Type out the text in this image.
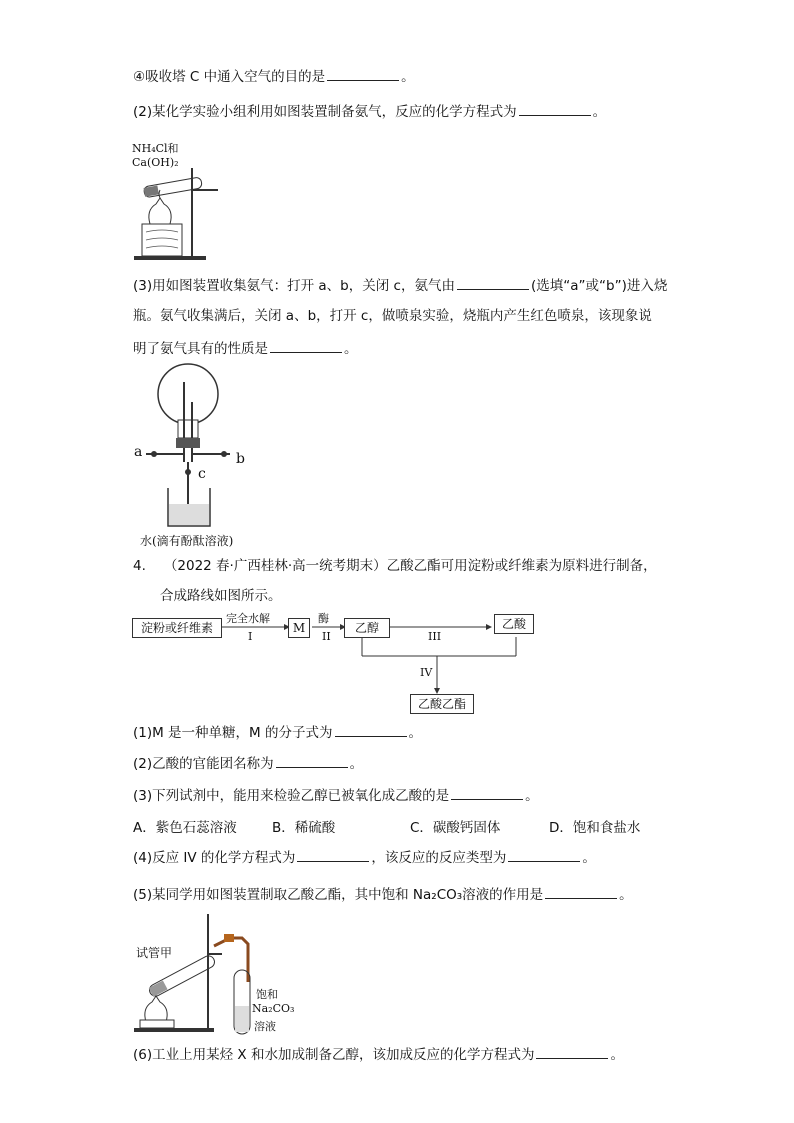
④吸收塔 C 中通入空气的目的是	。
(2)某化学实验小组利用如图装置制备氨气，反应的化学方程式为	。
NH₄Cl和
Ca(OH)₂
(3)用如图装置收集氨气：打开 a、b，关闭 c，氨气由	(选填“a”或“b”)进入烧
瓶。氨气收集满后，关闭 a、b，打开 c，做喷泉实验，烧瓶内产生红色喷泉，该现象说
明了氨气具有的性质是	。
a	b
c
水(滴有酚酞溶液)
4. （2022 春·广西桂林·高一统考期末）乙酸乙酯可用淀粉或纤维素为原料进行制备，
合成路线如图所示。
淀粉或纤维素
完全水解
I
M
酶
II
乙醇
III
乙酸
IV
乙酸乙酯
(1)M 是一种单糖，M 的分子式为	。
(2)乙酸的官能团名称为	。
(3)下列试剂中，能用来检验乙醇已被氧化成乙酸的是	。
A．紫色石蕊溶液	B．稀硫酸	C．碳酸钙固体	D．饱和食盐水
(4)反应 IV 的化学方程式为	，该反应的反应类型为	。
(5)某同学用如图装置制取乙酸乙酯，其中饱和 Na₂CO₃溶液的作用是	。
试管甲
饱和
Na₂CO₃
溶液
(6)工业上用某烃 X 和水加成制备乙醇，该加成反应的化学方程式为	。
